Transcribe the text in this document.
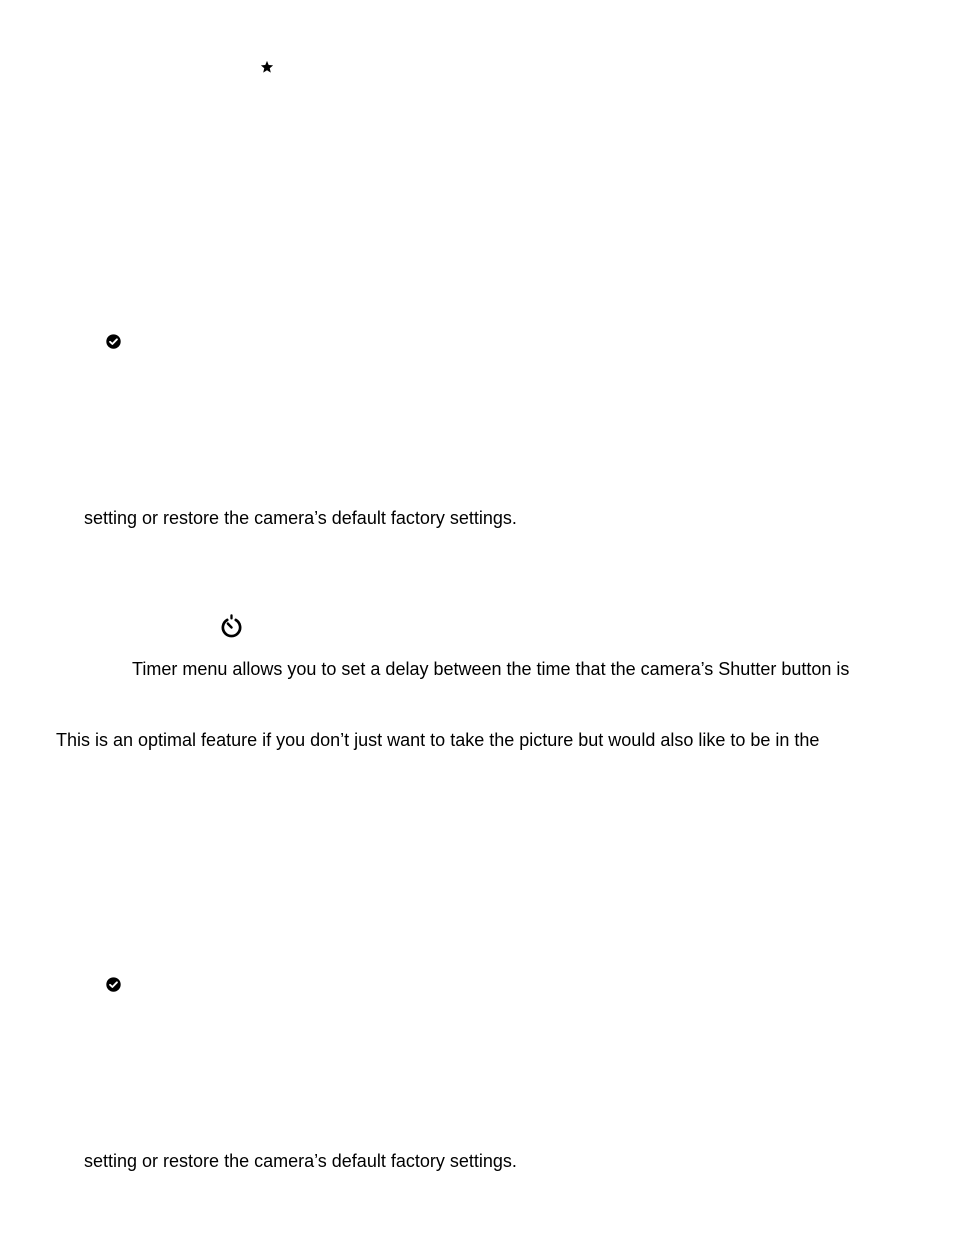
setting or restore the camera’s default factory settings.
Timer menu allows you to set a delay between the time that the camera’s Shutter button is
This is an optimal feature if you don’t just want to take the picture but would also like to be in the
setting or restore the camera’s default factory settings.
